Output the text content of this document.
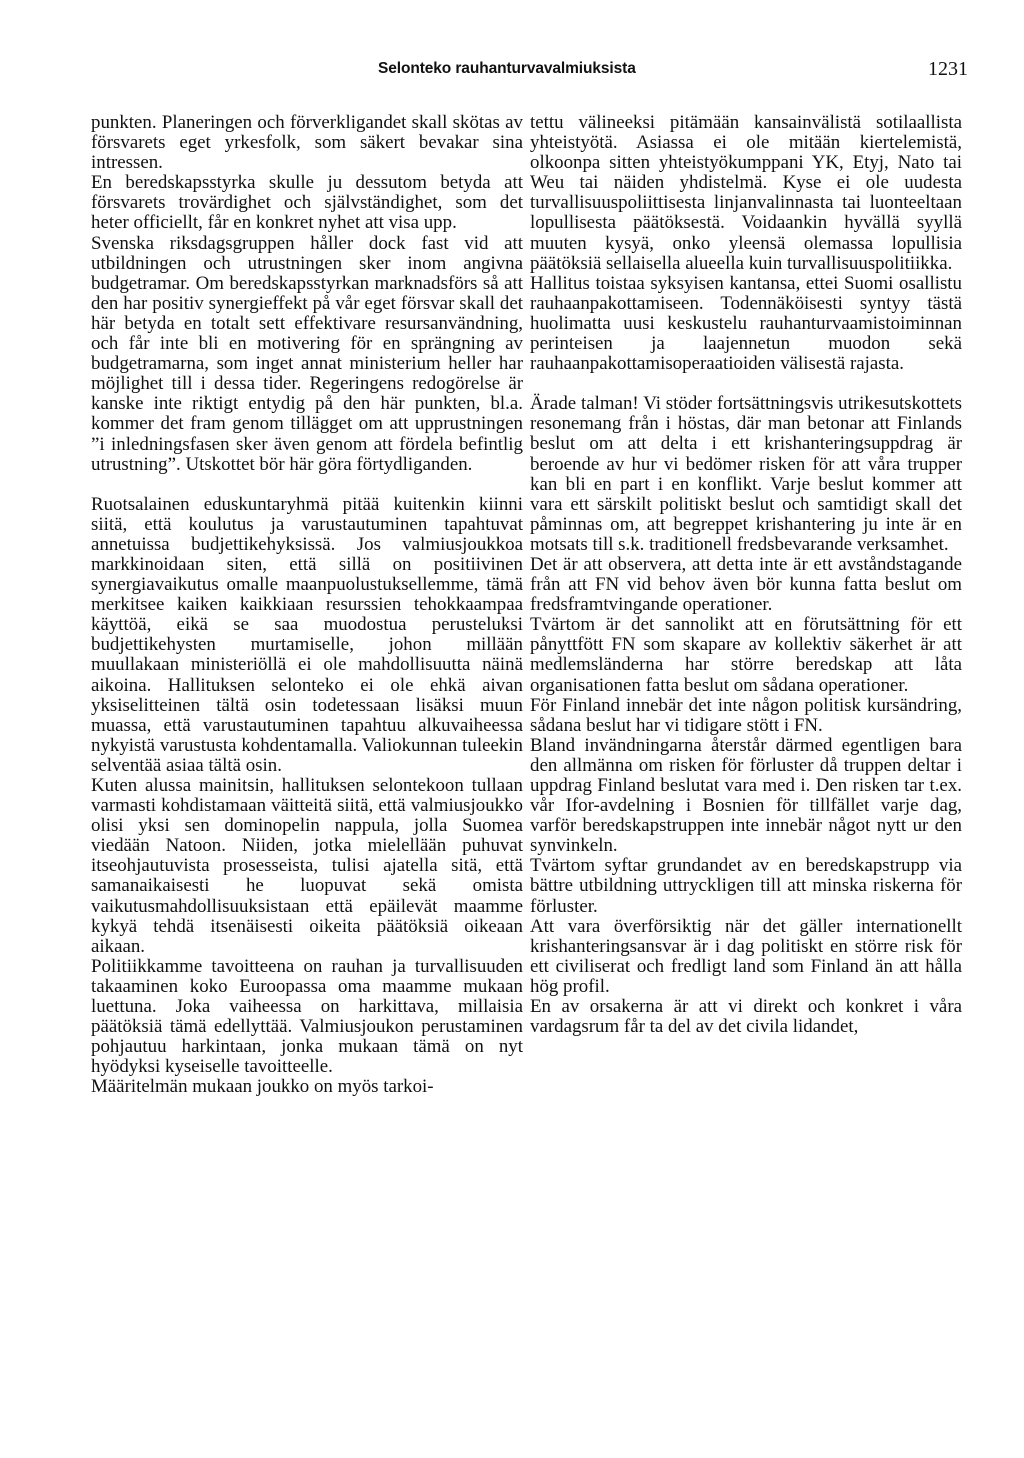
Selonteko rauhanturvavalmiuksista	1231

punkten. Planeringen och förverkligandet skall skötas av försvarets eget yrkesfolk, som säkert bevakar sina intressen.

En beredskapsstyrka skulle ju dessutom betyda att försvarets trovärdighet och självständighet, som det heter officiellt, får en konkret nyhet att visa upp.

Svenska riksdagsgruppen håller dock fast vid att utbildningen och utrustningen sker inom angivna budgetramar. Om beredskapsstyrkan marknadsförs så att den har positiv synergieffekt på vår eget försvar skall det här betyda en totalt sett effektivare resursanvändning, och får inte bli en motivering för en sprängning av budgetramarna, som inget annat ministerium heller har möjlighet till i dessa tider. Regeringens redogörelse är kanske inte riktigt entydig på den här punkten, bl.a. kommer det fram genom tillägget om att upprustningen ”i inledningsfasen sker även genom att fördela befintlig utrustning”. Utskottet bör här göra förtydliganden.

Ruotsalainen eduskuntaryhmä pitää kuitenkin kiinni siitä, että koulutus ja varustautuminen tapahtuvat annetuissa budjettikehyksissä. Jos valmiusjoukkoa markkinoidaan siten, että sillä on positiivinen synergiavaikutus omalle maanpuolustuksellemme, tämä merkitsee kaiken kaikkiaan resurssien tehokkaampaa käyttöä, eikä se saa muodostua perusteluksi budjettikehysten murtamiselle, johon millään muullakaan ministeriöllä ei ole mahdollisuutta näinä aikoina. Hallituksen selonteko ei ole ehkä aivan yksiselitteinen tältä osin todetessaan lisäksi muun muassa, että varustautuminen tapahtuu alkuvaiheessa nykyistä varustusta kohdentamalla. Valiokunnan tuleekin selventää asiaa tältä osin.

Kuten alussa mainitsin, hallituksen selontekoon tullaan varmasti kohdistamaan väitteitä siitä, että valmiusjoukko olisi yksi sen dominopelin nappula, jolla Suomea viedään Natoon. Niiden, jotka mielellään puhuvat itseohjautuvista prosesseista, tulisi ajatella sitä, että samanaikaisesti he luopuvat sekä omista vaikutusmahdollisuuksistaan että epäilevät maamme kykyä tehdä itsenäisesti oikeita päätöksiä oikeaan aikaan.

Politiikkamme tavoitteena on rauhan ja turvallisuuden takaaminen koko Euroopassa oma maamme mukaan luettuna. Joka vaiheessa on harkittava, millaisia päätöksiä tämä edellyttää. Valmiusjoukon perustaminen pohjautuu harkintaan, jonka mukaan tämä on nyt hyödyksi kyseiselle tavoitteelle.

Määritelmän mukaan joukko on myös tarkoi-

tettu välineeksi pitämään kansainvälistä sotilaallista yhteistyötä. Asiassa ei ole mitään kiertelemistä, olkoonpa sitten yhteistyökumppani YK, Etyj, Nato tai Weu tai näiden yhdistelmä. Kyse ei ole uudesta turvallisuuspoliittisesta linjanvalinnasta tai luonteeltaan lopullisesta päätöksestä. Voidaankin hyvällä syyllä muuten kysyä, onko yleensä olemassa lopullisia päätöksiä sellaisella alueella kuin turvallisuuspolitiikka.

Hallitus toistaa syksyisen kantansa, ettei Suomi osallistu rauhaanpakottamiseen. Todennäköisesti syntyy tästä huolimatta uusi keskustelu rauhanturvaamistoiminnan perinteisen ja laajennetun muodon sekä rauhaanpakottamisoperaatioiden välisestä rajasta.

Ärade talman! Vi stöder fortsättningsvis utrikesutskottets resonemang från i höstas, där man betonar att Finlands beslut om att delta i ett krishanteringsuppdrag är beroende av hur vi bedömer risken för att våra trupper kan bli en part i en konflikt. Varje beslut kommer att vara ett särskilt politiskt beslut och samtidigt skall det påminnas om, att begreppet krishantering ju inte är en motsats till s.k. traditionell fredsbevarande verksamhet.

Det är att observera, att detta inte är ett avståndstagande från att FN vid behov även bör kunna fatta beslut om fredsframtvingande operationer.

Tvärtom är det sannolikt att en förutsättning för ett pånyttfött FN som skapare av kollektiv säkerhet är att medlemsländerna har större beredskap att låta organisationen fatta beslut om sådana operationer.

För Finland innebär det inte någon politisk kursändring, sådana beslut har vi tidigare stött i FN.

Bland invändningarna återstår därmed egentligen bara den allmänna om risken för förluster då truppen deltar i uppdrag Finland beslutat vara med i. Den risken tar t.ex. vår Ifor-avdelning i Bosnien för tillfället varje dag, varför beredskapstruppen inte innebär något nytt ur den synvinkeln.

Tvärtom syftar grundandet av en beredskapstrupp via bättre utbildning uttryckligen till att minska riskerna för förluster.

Att vara överförsiktig när det gäller internationellt krishanteringsansvar är i dag politiskt en större risk för ett civiliserat och fredligt land som Finland än att hålla hög profil.

En av orsakerna är att vi direkt och konkret i våra vardagsrum får ta del av det civila lidandet,
